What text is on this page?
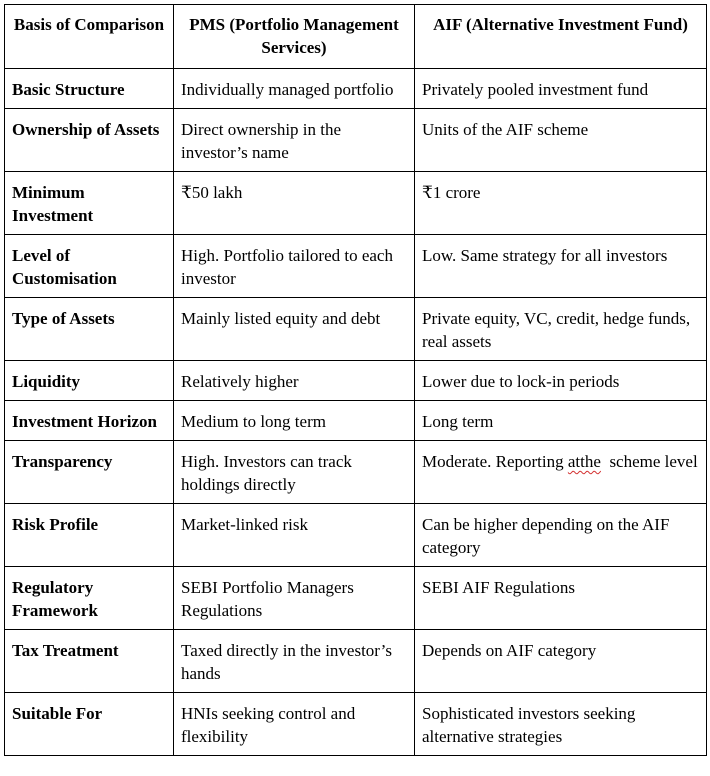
Basis of Comparison	PMS (Portfolio Management Services)	AIF (Alternative Investment Fund)
Basic Structure	Individually managed portfolio	Privately pooled investment fund
Ownership of Assets	Direct ownership in the investor’s name	Units of the AIF scheme
Minimum Investment	₹50 lakh	₹1 crore
Level of Customisation	High. Portfolio tailored to each investor	Low. Same strategy for all investors
Type of Assets	Mainly listed equity and debt	Private equity, VC, credit, hedge funds, real assets
Liquidity	Relatively higher	Lower due to lock-in periods
Investment Horizon	Medium to long term	Long term
Transparency	High. Investors can track holdings directly	Moderate. Reporting atthe  scheme level
Risk Profile	Market-linked risk	Can be higher depending on the AIF category
Regulatory Framework	SEBI Portfolio Managers Regulations	SEBI AIF Regulations
Tax Treatment	Taxed directly in the investor’s hands	Depends on AIF category
Suitable For	HNIs seeking control and flexibility	Sophisticated investors seeking alternative strategies
